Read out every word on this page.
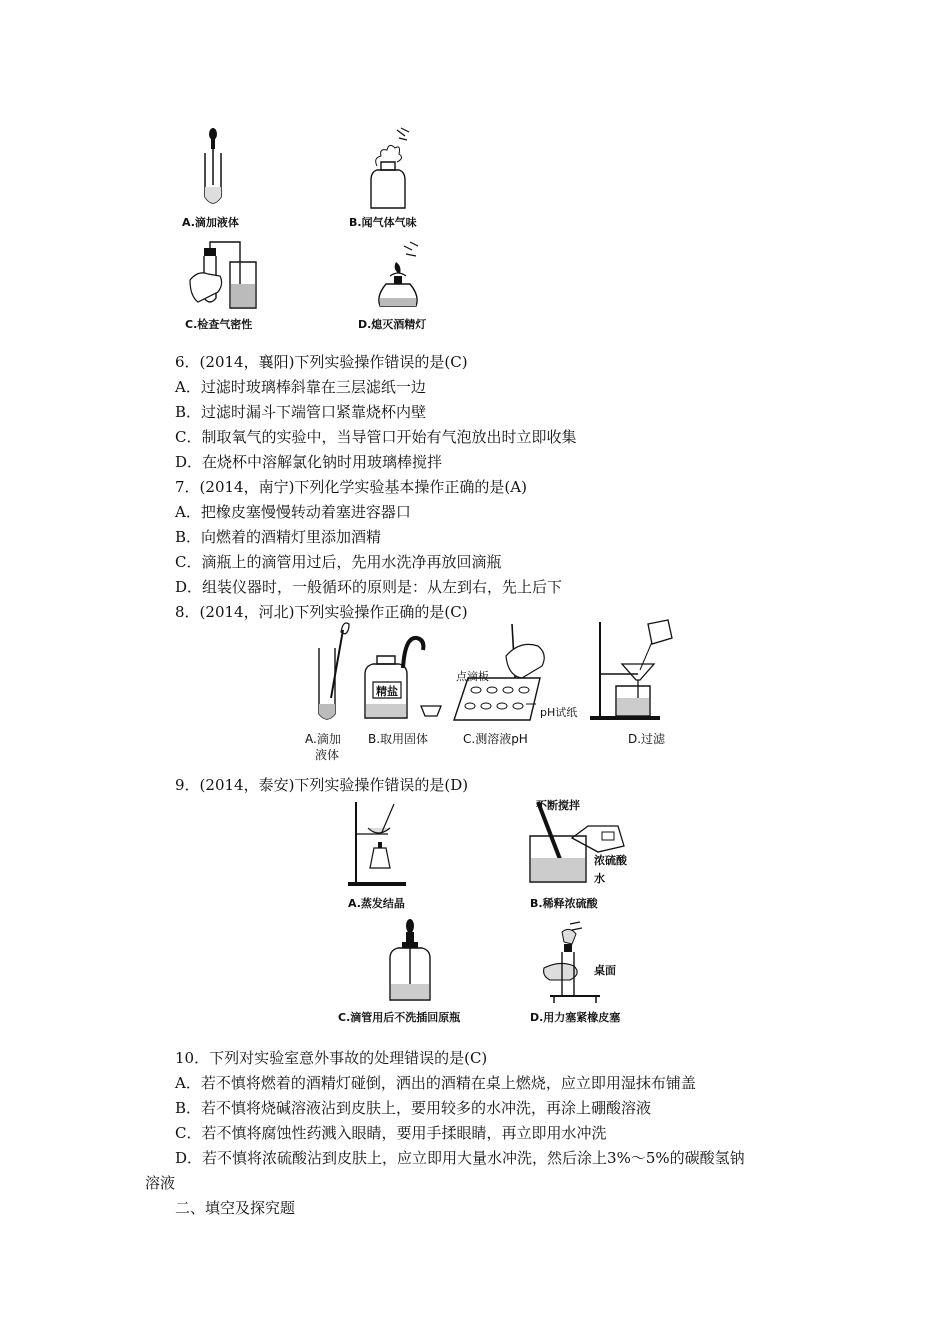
A.滴加液体	B.闻气体气味
C.检查气密性	D.熄灭酒精灯
6．(2014，襄阳)下列实验操作错误的是(C)
A．过滤时玻璃棒斜靠在三层滤纸一边
B．过滤时漏斗下端管口紧靠烧杯内壁
C．制取氧气的实验中，当导管口开始有气泡放出时立即收集
D．在烧杯中溶解氯化钠时用玻璃棒搅拌
7．(2014，南宁)下列化学实验基本操作正确的是(A)
A．把橡皮塞慢慢转动着塞进容器口
B．向燃着的酒精灯里添加酒精
C．滴瓶上的滴管用过后，先用水洗净再放回滴瓶
D．组装仪器时，一般循环的原则是：从左到右，先上后下
8．(2014，河北)下列实验操作正确的是(C)
A.滴加
液体
精盐
B.取用固体
点滴板
pH试纸
C.测溶液pH	D.过滤
9．(2014，泰安)下列实验操作错误的是(D)
A.蒸发结晶
不断搅拌
浓硫酸
水
B.稀释浓硫酸
C.滴管用后不洗插回原瓶
桌面
D.用力塞紧橡皮塞
10．下列对实验室意外事故的处理错误的是(C)
A．若不慎将燃着的酒精灯碰倒，洒出的酒精在桌上燃烧，应立即用湿抹布铺盖
B．若不慎将烧碱溶液沾到皮肤上，要用较多的水冲洗，再涂上硼酸溶液
C．若不慎将腐蚀性药溅入眼睛，要用手揉眼睛，再立即用水冲洗
D．若不慎将浓硫酸沾到皮肤上，应立即用大量水冲洗，然后涂上3%～5%的碳酸氢钠
溶液
二、填空及探究题
